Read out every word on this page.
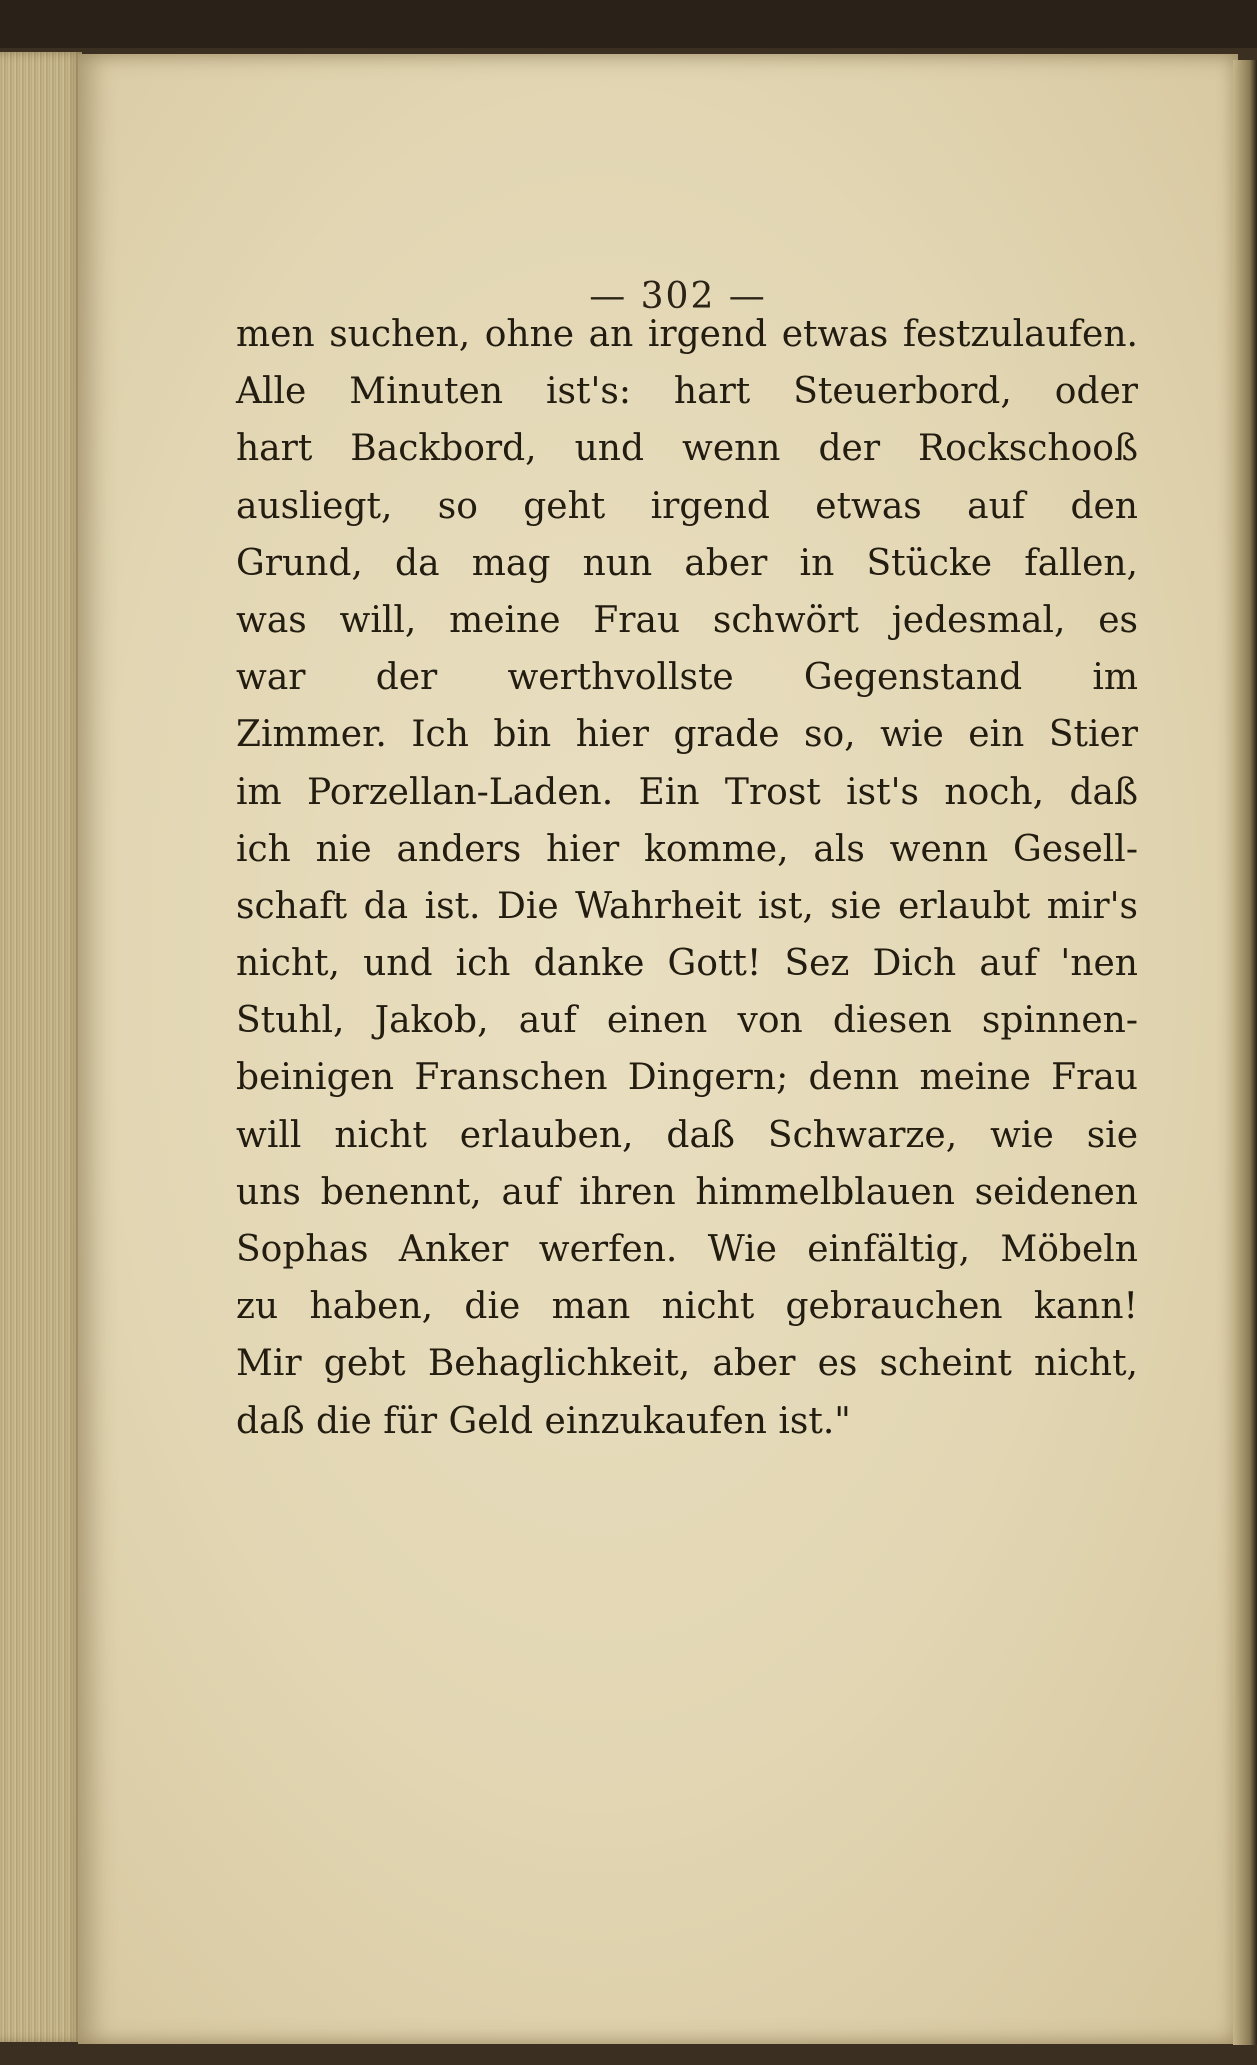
— 302 —
men suchen, ohne an irgend etwas festzulaufen.
Alle Minuten ist's: hart Steuerbord, oder
hart Backbord, und wenn der Rockschooß
ausliegt, so geht irgend etwas auf den
Grund, da mag nun aber in Stücke fallen,
was will, meine Frau schwört jedesmal, es
war der werthvollste Gegenstand im
Zimmer. Ich bin hier grade so, wie ein Stier
im Porzellan-Laden. Ein Trost ist's noch, daß
ich nie anders hier komme, als wenn Gesell-
schaft da ist. Die Wahrheit ist, sie erlaubt mir's
nicht, und ich danke Gott! Sez Dich auf 'nen
Stuhl, Jakob, auf einen von diesen spinnen-
beinigen Franschen Dingern; denn meine Frau
will nicht erlauben, daß Schwarze, wie sie
uns benennt, auf ihren himmelblauen seidenen
Sophas Anker werfen. Wie einfältig, Möbeln
zu haben, die man nicht gebrauchen kann!
Mir gebt Behaglichkeit, aber es scheint nicht,
daß die für Geld einzukaufen ist."
